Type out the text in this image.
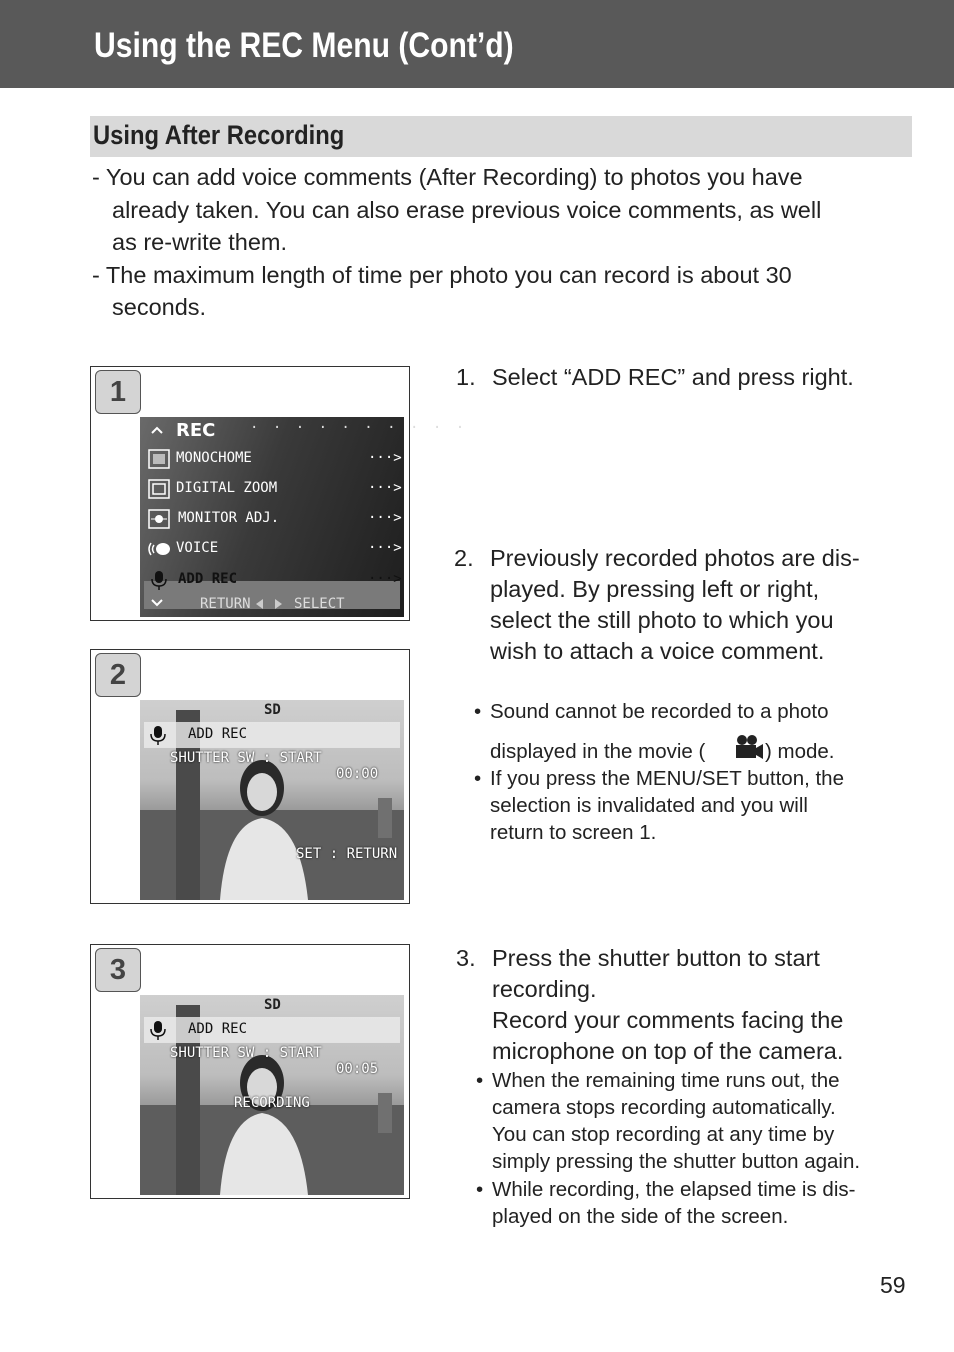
Using the REC Menu (Cont’d)
Using After Recording
- You can add voice comments (After Recording) to photos you have
already taken. You can also erase previous voice comments, as well
as re-write them.
- The maximum length of time per photo you can record is about 30
seconds.
1
REC · · · · · · · · · ·
MONOCHOME	···>
DIGITAL ZOOM	···>
MONITOR ADJ.	···>
VOICE	···>
ADD REC	···>
RETURN	SELECT
2
SD
ADD REC
SHUTTER SW : START
00:00
SET : RETURN
3
SD
ADD REC
SHUTTER SW : START
00:05
RECORDING
1. Select “ADD REC” and press right.
2. Previously recorded photos are dis-
played. By pressing left or right,
select the still photo to which you
wish to attach a voice comment.
• Sound cannot be recorded to a photo
displayed in the movie (	) mode.
• If you press the MENU/SET button, the
selection is invalidated and you will
return to screen 1.
3. Press the shutter button to start
recording.
Record your comments facing the
microphone on top of the camera.
• When the remaining time runs out, the
camera stops recording automatically.
You can stop recording at any time by
simply pressing the shutter button again.
• While recording, the elapsed time is dis-
played on the side of the screen.
59
